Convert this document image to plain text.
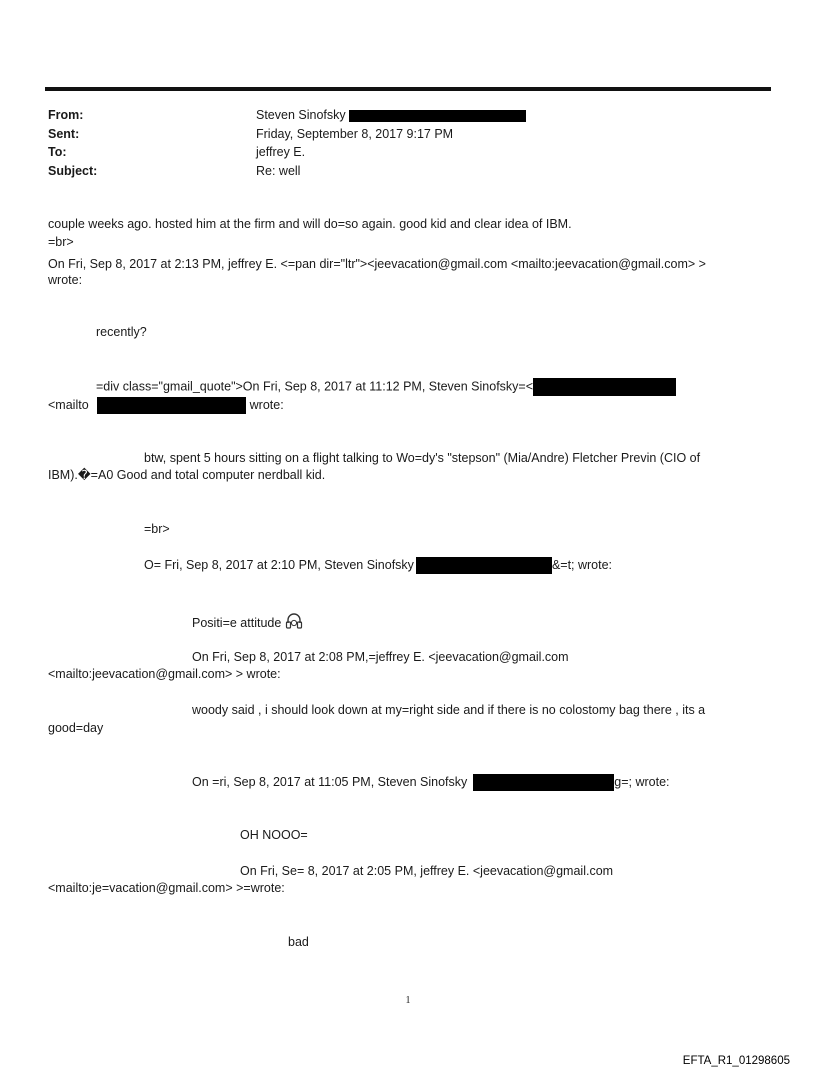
From:	Steven Sinofsky
Sent:	Friday, September 8, 2017 9:17 PM
To:	jeffrey E.
Subject:	Re: well
couple weeks ago. hosted him at the firm and will do=so again. good kid and clear idea of IBM.
=br>
On Fri, Sep 8, 2017 at 2:13 PM, jeffrey E. <=pan dir="ltr"><jeevacation@gmail.com <mailto:jeevacation@gmail.com> >
wrote:
recently?
=div class="gmail_quote">On Fri, Sep 8, 2017 at 11:12 PM, Steven Sinofsky=<
<mailto	wrote:
btw, spent 5 hours sitting on a flight talking to Wo=dy's "stepson" (Mia/Andre) Fletcher Previn (CIO of
IBM).�=A0 Good and total computer nerdball kid.
=br>
O= Fri, Sep 8, 2017 at 2:10 PM, Steven Sinofsky	&=t; wrote:
Positi=e attitude
On Fri, Sep 8, 2017 at 2:08 PM,=jeffrey E. <jeevacation@gmail.com
<mailto:jeevacation@gmail.com> > wrote:
woody said , i should look down at my=right side and if there is no colostomy bag there , its a
good=day
On =ri, Sep 8, 2017 at 11:05 PM, Steven Sinofsky	g=; wrote:
OH NOOO=
On Fri, Se= 8, 2017 at 2:05 PM, jeffrey E. <jeevacation@gmail.com
<mailto:je=vacation@gmail.com> >=wrote:
bad
1
EFTA_R1_01298605
